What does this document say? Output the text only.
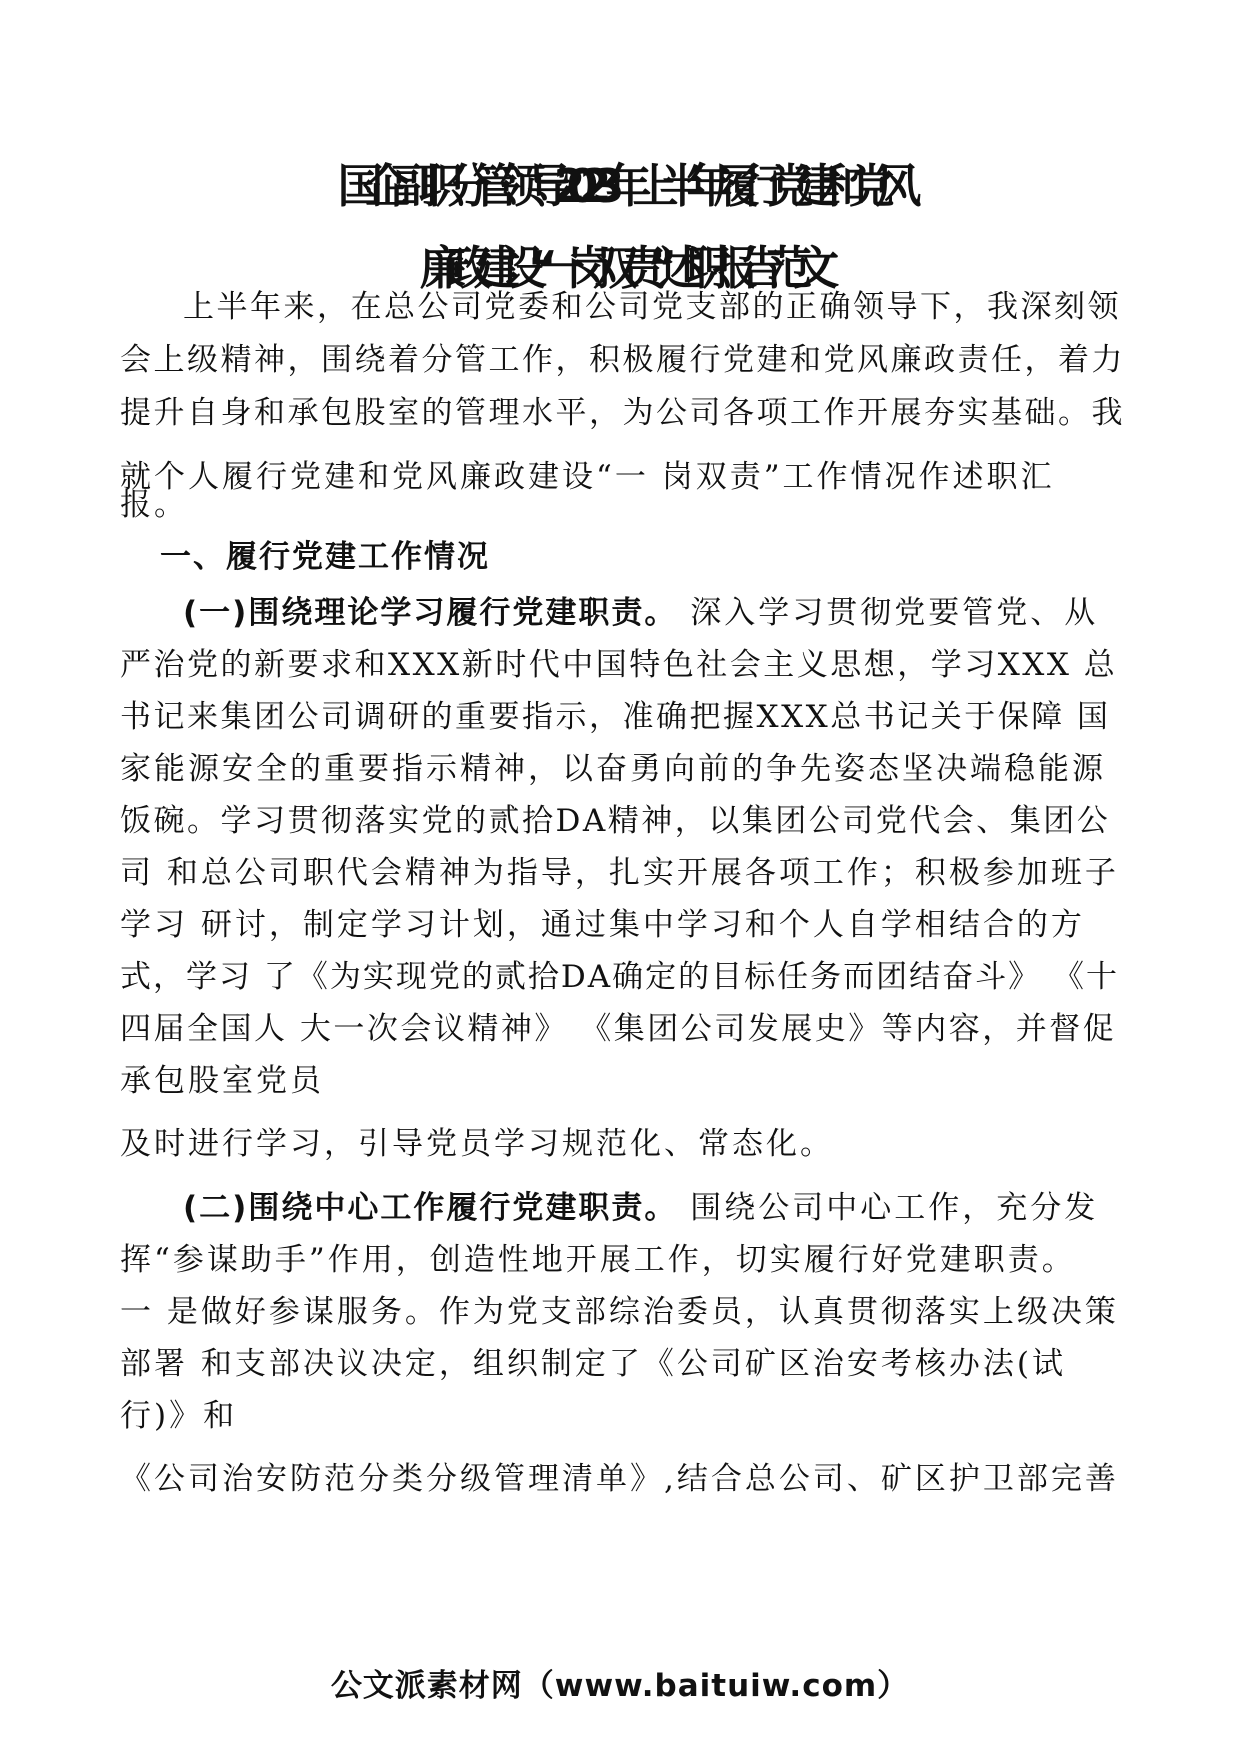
国企副职分管领导2023年上半年履行党建和党风
廉政建设“一岗双责”述职报告范文
上半年来，在总公司党委和公司党支部的正确领导下，我深刻领
会上级精神，围绕着分管工作，积极履行党建和党风廉政责任，着力
提升自身和承包股室的管理水平，为公司各项工作开展夯实基础。我
就个人履行党建和党风廉政建设“一 岗双责”工作情况作述职汇
报。
一、履行党建工作情况
(一)围绕理论学习履行党建职责。 深入学习贯彻党要管党、从
严治党的新要求和XXX新时代中国特色社会主义思想，学习XXX 总
书记来集团公司调研的重要指示，准确把握XXX总书记关于保障 国
家能源安全的重要指示精神，以奋勇向前的争先姿态坚决端稳能源
饭碗。学习贯彻落实党的贰拾DA精神，以集团公司党代会、集团公
司 和总公司职代会精神为指导，扎实开展各项工作；积极参加班子
学习 研讨，制定学习计划，通过集中学习和个人自学相结合的方
式，学习 了《为实现党的贰拾DA确定的目标任务而团结奋斗》 《十
四届全国人 大一次会议精神》 《集团公司发展史》等内容，并督促
承包股室党员
及时进行学习，引导党员学习规范化、常态化。
(二)围绕中心工作履行党建职责。 围绕公司中心工作，充分发
挥“参谋助手”作用，创造性地开展工作，切实履行好党建职责。
一 是做好参谋服务。作为党支部综治委员，认真贯彻落实上级决策
部署 和支部决议决定，组织制定了《公司矿区治安考核办法(试
行)》和
《公司治安防范分类分级管理清单》,结合总公司、矿区护卫部完善
公文派素材网（www.baituiw.com）
